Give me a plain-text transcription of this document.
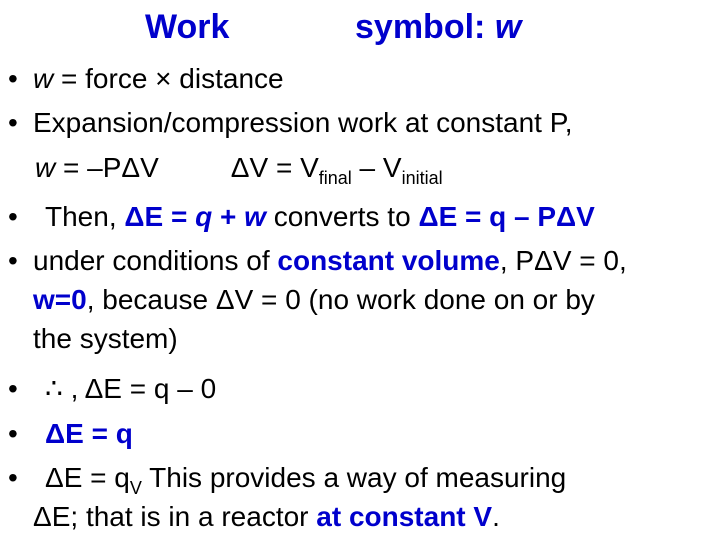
Work	symbol: w
• w = force × distance
• Expansion/compression work at constant P,
w = –PΔV	$\Delta V = V_{final} - V_{initial}$
• Then, ΔE = q + w converts to ΔE = q – PΔV
• under conditions of constant volume, PΔV = 0,
w=0, because ΔV = 0 (no work done on or by
the system)
• ∴ , ΔE = q – 0
• ΔE = q
• $\Delta E = q_V$ This provides a way of measuring
ΔE; that is in a reactor at constant V.
